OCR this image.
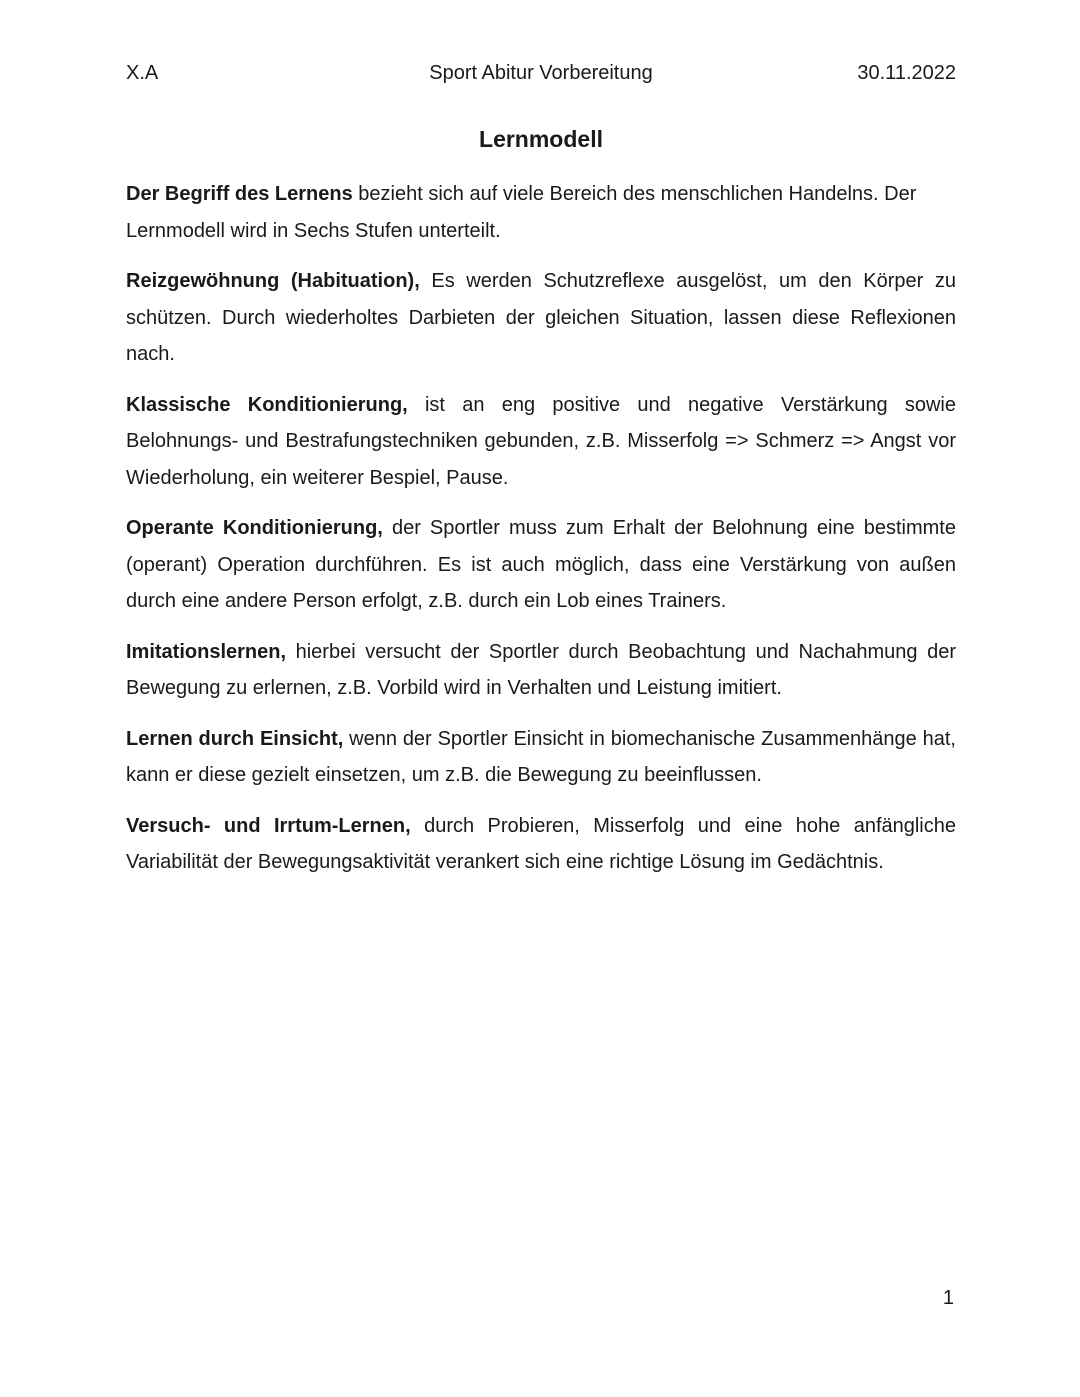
X.A	Sport Abitur Vorbereitung	30.11.2022
Lernmodell

Der Begriff des Lernens bezieht sich auf viele Bereich des menschlichen Handelns. Der Lernmodell wird in Sechs Stufen unterteilt.

Reizgewöhnung (Habituation), Es werden Schutzreflexe ausgelöst, um den Körper zu schützen. Durch wiederholtes Darbieten der gleichen Situation, lassen diese Reflexionen nach.

Klassische Konditionierung, ist an eng positive und negative Verstärkung sowie Belohnungs- und Bestrafungstechniken gebunden, z.B. Misserfolg => Schmerz => Angst vor Wiederholung, ein weiterer Bespiel, Pause.

Operante Konditionierung, der Sportler muss zum Erhalt der Belohnung eine bestimmte (operant) Operation durchführen. Es ist auch möglich, dass eine Verstärkung von außen durch eine andere Person erfolgt, z.B. durch ein Lob eines Trainers.

Imitationslernen, hierbei versucht der Sportler durch Beobachtung und Nachahmung der Bewegung zu erlernen, z.B. Vorbild wird in Verhalten und Leistung imitiert.

Lernen durch Einsicht, wenn der Sportler Einsicht in biomechanische Zusammenhänge hat, kann er diese gezielt einsetzen, um z.B. die Bewegung zu beeinflussen.

Versuch- und Irrtum-Lernen, durch Probieren, Misserfolg und eine hohe anfängliche Variabilität der Bewegungsaktivität verankert sich eine richtige Lösung im Gedächtnis.

1
